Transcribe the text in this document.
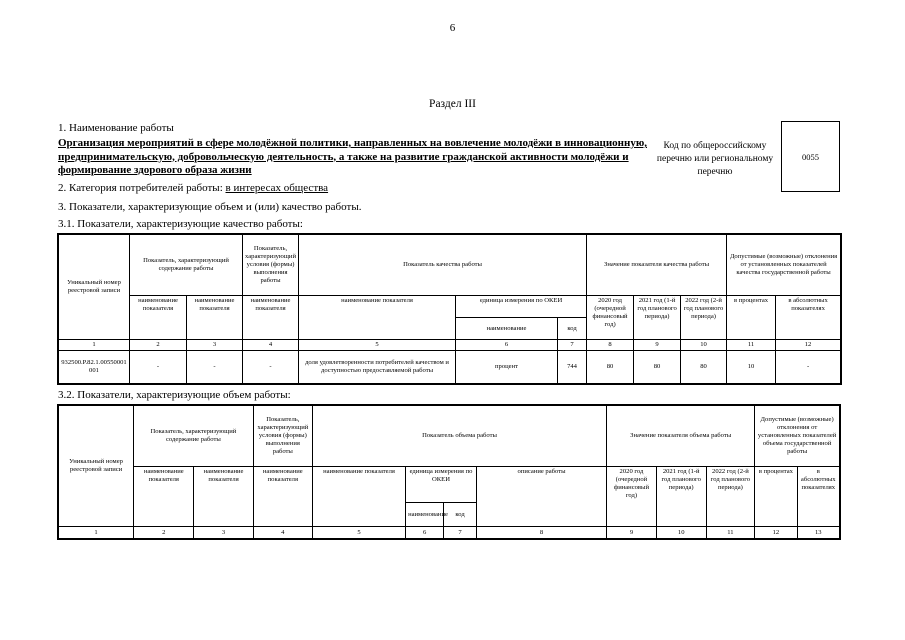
6
Раздел III
1. Наименование работы
Организация мероприятий в сфере молодёжной политики, направленных на вовлечение молодёжи в инновационную, предпринимательскую, добровольческую деятельность, а также на развитие гражданской активности молодёжи и формирование здорового образа жизни
Код по общероссийскому перечню или региональному перечню
0055
2. Категория потребителей работы: в интересах общества
3. Показатели, характеризующие объем и (или) качество работы.
3.1. Показатели, характеризующие качество работы:
Уникальный номер реестровой записи	Показатель, характеризующий содержание работы		Показатель, характеризующий условия (формы) выполнения работы	Показатель качества работы			Значение показателя качества работы			Допустимые (возможные) отклонения от установленных показателей качества государственной работы	
	наименование показателя	наименование показателя	наименование показателя	наименование показателя	единица измерения по ОКЕИ		2020 год (очередной финансовый год)	2021 год (1-й год планового периода)	2022 год (2-й год планового периода)	в процентах	в абсолютных показателях
					наименование	код					
1	2	3	4	5	6	7	8	9	10	11	12
932500.Р.82.1.00550001001	-	-	-	доля удовлетворенности потребителей качеством и доступностью предоставляемой работы	процент	744	80	80	80	10	-
3.2. Показатели, характеризующие объем работы:
Уникальный номер реестровой записи	Показатель, характеризующий содержание работы		Показатель, характеризующий условия (формы) выполнения работы	Показатель объема работы				Значение показателя объема работы			Допустимые (возможные) отклонения от установленных показателей объема государственной работы	
	наименование показателя	наименование показателя	наименование показателя	наименование показателя	единица измерения по ОКЕИ		описание работы	2020 год (очередной финансовый год)	2021 год (1-й год планового периода)	2022 год (2-й год планового периода)	в процентах	в абсолютных показателях
					наименование	код						
1	2	3	4	5	6	7	8	9	10	11	12	13
